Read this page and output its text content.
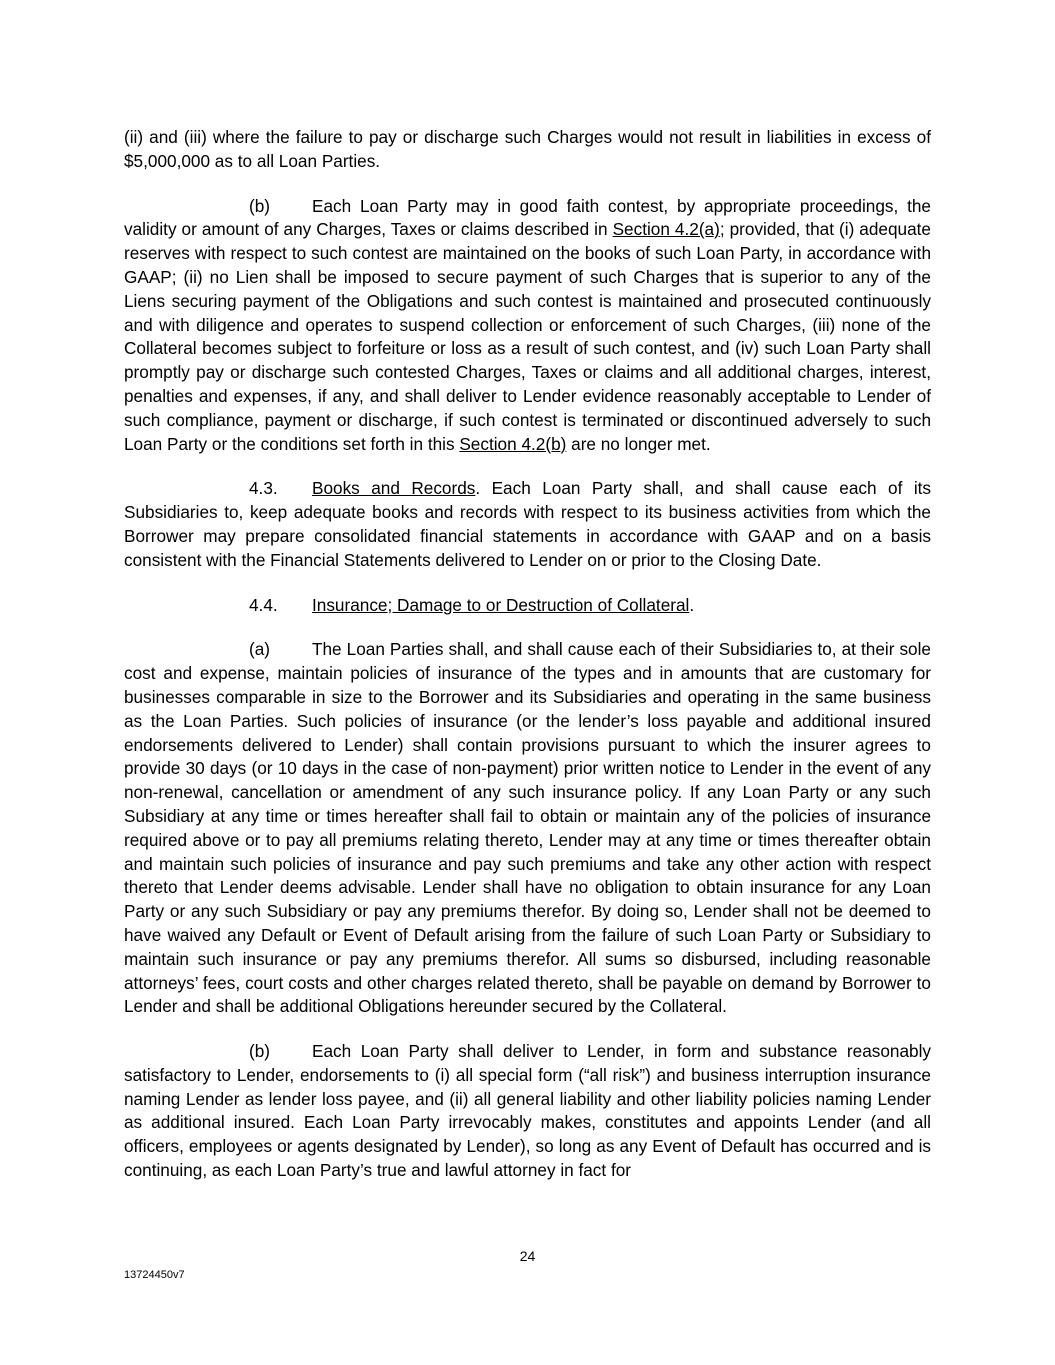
(ii) and (iii) where the failure to pay or discharge such Charges would not result in liabilities in excess of $5,000,000 as to all Loan Parties.

(b) Each Loan Party may in good faith contest, by appropriate proceedings, the validity or amount of any Charges, Taxes or claims described in Section 4.2(a); provided, that (i) adequate reserves with respect to such contest are maintained on the books of such Loan Party, in accordance with GAAP; (ii) no Lien shall be imposed to secure payment of such Charges that is superior to any of the Liens securing payment of the Obligations and such contest is maintained and prosecuted continuously and with diligence and operates to suspend collection or enforcement of such Charges, (iii) none of the Collateral becomes subject to forfeiture or loss as a result of such contest, and (iv) such Loan Party shall promptly pay or discharge such contested Charges, Taxes or claims and all additional charges, interest, penalties and expenses, if any, and shall deliver to Lender evidence reasonably acceptable to Lender of such compliance, payment or discharge, if such contest is terminated or discontinued adversely to such Loan Party or the conditions set forth in this Section 4.2(b) are no longer met.

4.3. Books and Records. Each Loan Party shall, and shall cause each of its Subsidiaries to, keep adequate books and records with respect to its business activities from which the Borrower may prepare consolidated financial statements in accordance with GAAP and on a basis consistent with the Financial Statements delivered to Lender on or prior to the Closing Date.

4.4. Insurance; Damage to or Destruction of Collateral.

(a) The Loan Parties shall, and shall cause each of their Subsidiaries to, at their sole cost and expense, maintain policies of insurance of the types and in amounts that are customary for businesses comparable in size to the Borrower and its Subsidiaries and operating in the same business as the Loan Parties. Such policies of insurance (or the lender’s loss payable and additional insured endorsements delivered to Lender) shall contain provisions pursuant to which the insurer agrees to provide 30 days (or 10 days in the case of non-payment) prior written notice to Lender in the event of any non-renewal, cancellation or amendment of any such insurance policy. If any Loan Party or any such Subsidiary at any time or times hereafter shall fail to obtain or maintain any of the policies of insurance required above or to pay all premiums relating thereto, Lender may at any time or times thereafter obtain and maintain such policies of insurance and pay such premiums and take any other action with respect thereto that Lender deems advisable. Lender shall have no obligation to obtain insurance for any Loan Party or any such Subsidiary or pay any premiums therefor. By doing so, Lender shall not be deemed to have waived any Default or Event of Default arising from the failure of such Loan Party or Subsidiary to maintain such insurance or pay any premiums therefor. All sums so disbursed, including reasonable attorneys’ fees, court costs and other charges related thereto, shall be payable on demand by Borrower to Lender and shall be additional Obligations hereunder secured by the Collateral.

(b) Each Loan Party shall deliver to Lender, in form and substance reasonably satisfactory to Lender, endorsements to (i) all special form (“all risk”) and business interruption insurance naming Lender as lender loss payee, and (ii) all general liability and other liability policies naming Lender as additional insured. Each Loan Party irrevocably makes, constitutes and appoints Lender (and all officers, employees or agents designated by Lender), so long as any Event of Default has occurred and is continuing, as each Loan Party’s true and lawful attorney in fact for

24
13724450v7
